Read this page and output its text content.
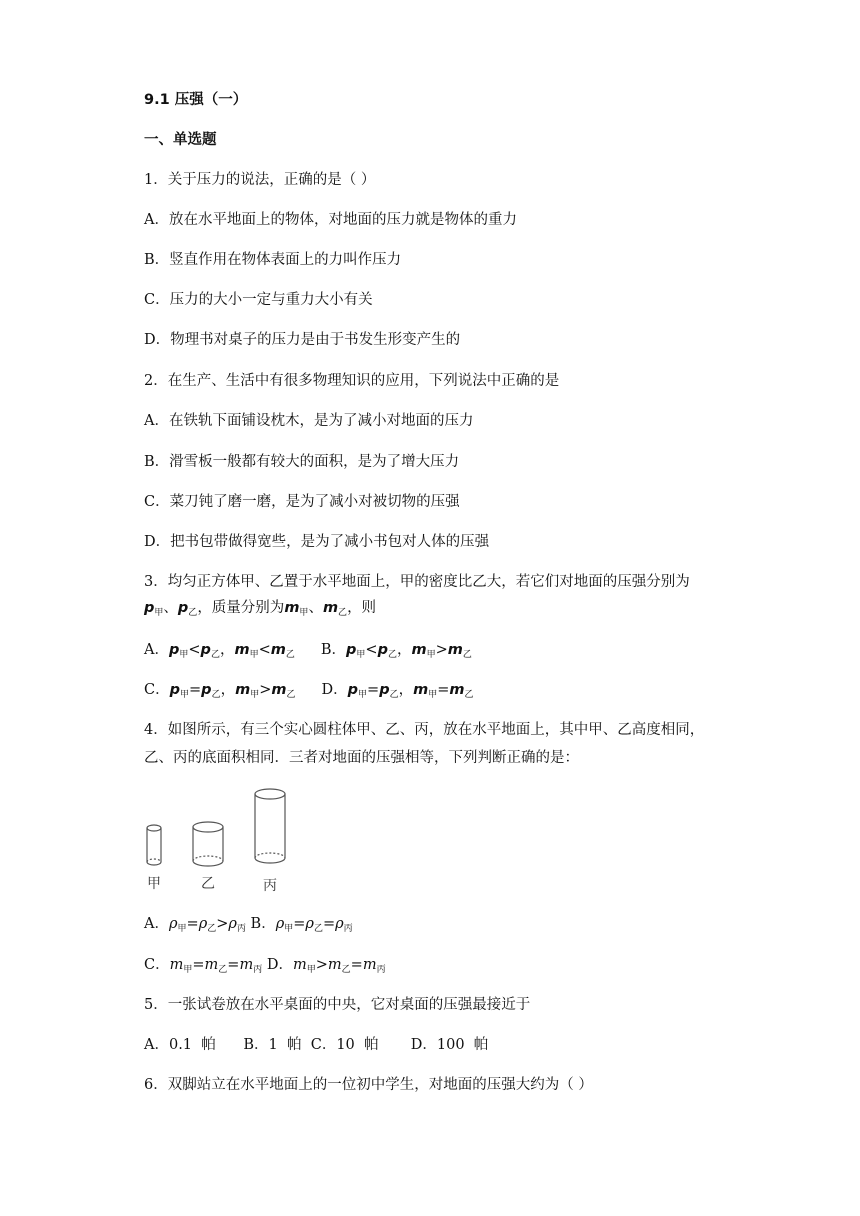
9.1 压强（一）
一、单选题
1．关于压力的说法，正确的是（ ）
A．放在水平地面上的物体，对地面的压力就是物体的重力
B．竖直作用在物体表面上的力叫作压力
C．压力的大小一定与重力大小有关
D．物理书对桌子的压力是由于书发生形变产生的
2．在生产、生活中有很多物理知识的应用，下列说法中正确的是
A．在铁轨下面铺设枕木，是为了减小对地面的压力
B．滑雪板一般都有较大的面积，是为了增大压力
C．菜刀钝了磨一磨，是为了减小对被切物的压强
D．把书包带做得宽些，是为了减小书包对人体的压强
3．均匀正方体甲、乙置于水平地面上，甲的密度比乙大，若它们对地面的压强分别为
$p_甲$、$p_乙$，质量分别为$m_甲$、$m_乙$，则
A．$p_甲<p_乙$，$m_甲<m_乙$ B．$p_甲<p_乙$，$m_甲>m_乙$
C．$p_甲=p_乙$，$m_甲>m_乙$ D．$p_甲=p_乙$，$m_甲=m_乙$
4．如图所示，有三个实心圆柱体甲、乙、丙，放在水平地面上，其中甲、乙高度相同，
乙、丙的底面积相同．三者对地面的压强相等，下列判断正确的是：
甲	乙	丙
A．$\rho_甲=\rho_乙>\rho_丙$ B．$\rho_甲=\rho_乙=\rho_丙$
C．$m_甲=m_乙=m_丙$ D．$m_甲>m_乙=m_丙$
5．一张试卷放在水平桌面的中央，它对桌面的压强最接近于
A．0.1  帕      B．1  帕  C．10  帕       D．100  帕
6．双脚站立在水平地面上的一位初中学生，对地面的压强大约为（ ）
